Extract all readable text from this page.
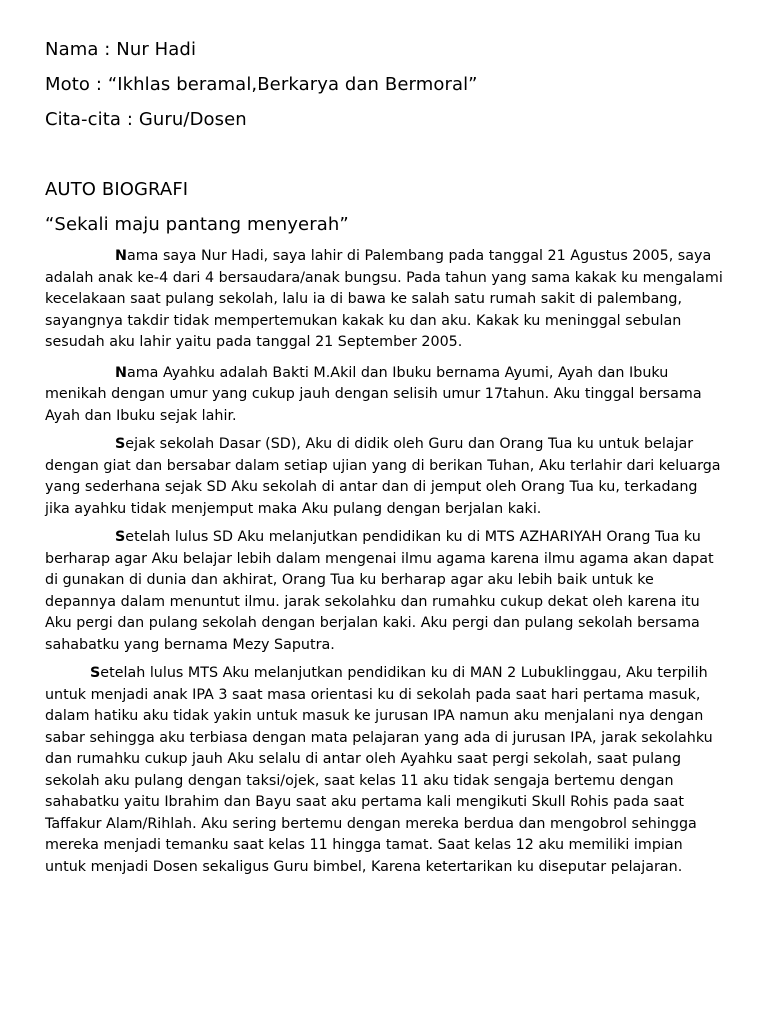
Nama : Nur Hadi
Moto : “Ikhlas beramal,Berkarya dan Bermoral”
Cita-cita : Guru/Dosen
AUTO BIOGRAFI
“Sekali maju pantang menyerah”

Nama saya Nur Hadi, saya lahir di Palembang pada tanggal 21 Agustus 2005, saya adalah anak ke-4 dari 4 bersaudara/anak bungsu. Pada tahun yang sama kakak ku mengalami kecelakaan saat pulang sekolah, lalu ia di bawa ke salah satu rumah sakit di palembang, sayangnya takdir tidak mempertemukan kakak ku dan aku. Kakak ku meninggal sebulan sesudah aku lahir yaitu pada tanggal 21 September 2005.

Nama Ayahku adalah Bakti M.Akil dan Ibuku bernama Ayumi, Ayah dan Ibuku menikah dengan umur yang cukup jauh dengan selisih umur 17tahun. Aku tinggal bersama Ayah dan Ibuku sejak lahir.

Sejak sekolah Dasar (SD), Aku di didik oleh Guru dan Orang Tua ku untuk belajar dengan giat dan bersabar dalam setiap ujian yang di berikan Tuhan, Aku terlahir dari keluarga yang sederhana sejak SD Aku sekolah di antar dan di jemput oleh Orang Tua ku, terkadang jika ayahku tidak menjemput maka Aku pulang dengan berjalan kaki.

Setelah lulus SD Aku melanjutkan pendidikan ku di MTS AZHARIYAH Orang Tua ku berharap agar Aku belajar lebih dalam mengenai ilmu agama karena ilmu agama akan dapat di gunakan di dunia dan akhirat, Orang Tua ku berharap agar aku lebih baik untuk ke depannya dalam menuntut ilmu. jarak sekolahku dan rumahku cukup dekat oleh karena itu Aku pergi dan pulang sekolah dengan berjalan kaki. Aku pergi dan pulang sekolah bersama sahabatku yang bernama Mezy Saputra.

Setelah lulus MTS Aku melanjutkan pendidikan ku di MAN 2 Lubuklinggau, Aku terpilih untuk menjadi anak IPA 3 saat masa orientasi ku di sekolah pada saat hari pertama masuk, dalam hatiku aku tidak yakin untuk masuk ke jurusan IPA namun aku menjalani nya dengan sabar sehingga aku terbiasa dengan mata pelajaran yang ada di jurusan IPA, jarak sekolahku dan rumahku cukup jauh Aku selalu di antar oleh Ayahku saat pergi sekolah, saat pulang sekolah aku pulang dengan taksi/ojek, saat kelas 11 aku tidak sengaja bertemu dengan sahabatku yaitu Ibrahim dan Bayu saat aku pertama kali mengikuti Skull Rohis pada saat Taffakur Alam/Rihlah. Aku sering bertemu dengan mereka berdua dan mengobrol sehingga mereka menjadi temanku saat kelas 11 hingga tamat. Saat kelas 12 aku memiliki impian untuk menjadi Dosen sekaligus Guru bimbel, Karena ketertarikan ku diseputar pelajaran.
